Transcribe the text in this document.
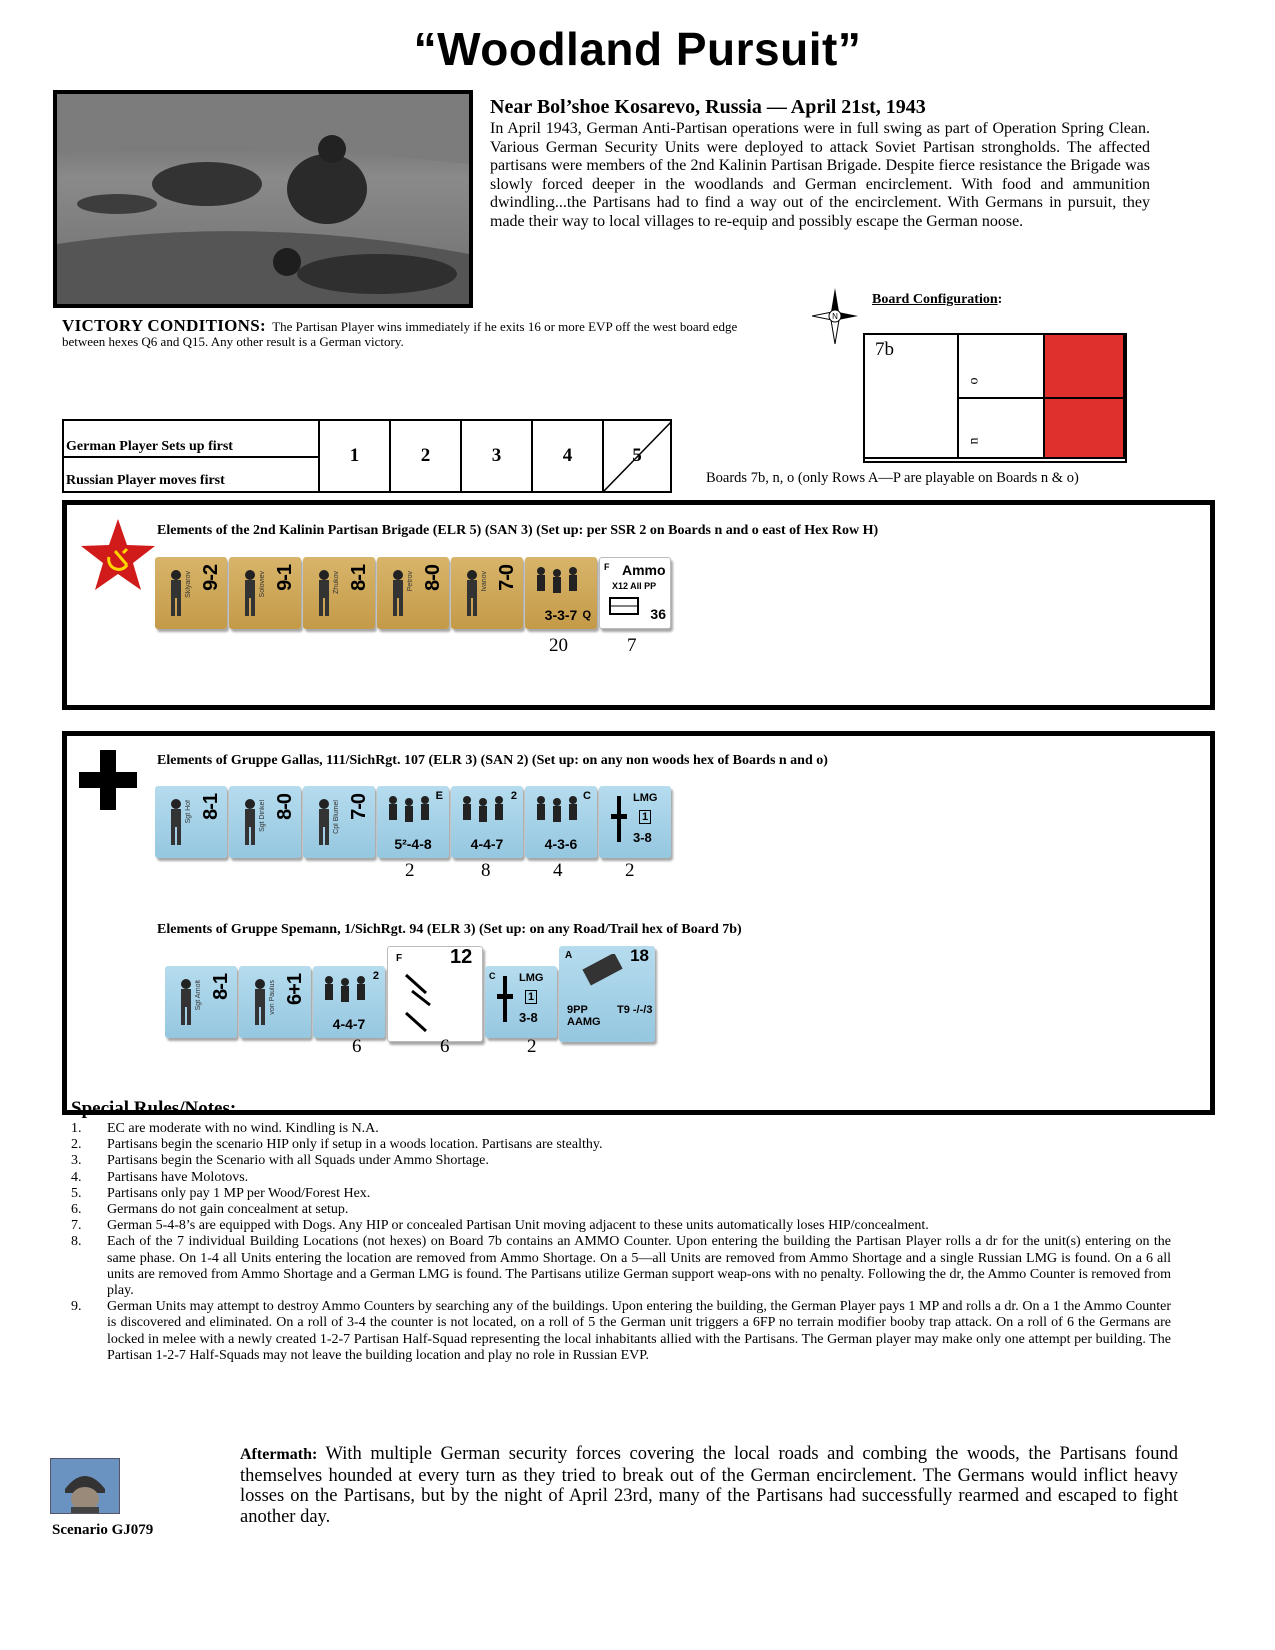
“Woodland Pursuit”
Near Bol’shoe Kosarevo, Russia — April 21st, 1943
In April 1943, German Anti-Partisan operations were in full swing as part of Operation Spring Clean. Various German Security Units were deployed to attack Soviet Partisan strongholds. The affected partisans were members of the 2nd Kalinin Partisan Brigade. Despite fierce resistance the Brigade was slowly forced deeper in the woodlands and German encirclement. With food and ammunition dwindling...the Partisans had to find a way out of the encirclement. With Germans in pursuit, they made their way to local villages to re-equip and possibly escape the German noose.
VICTORY CONDITIONS: The Partisan Player wins immediately if he exits 16 or more EVP off the west board edge between hexes Q6 and Q15. Any other result is a German victory.
N
Board Configuration:
7b
o
n
Boards 7b, n, o (only Rows A—P are playable on Boards n & o)
German Player Sets up first
Russian Player moves first
1	2	3	4	5
Elements of the 2nd Kalinin Partisan Brigade (ELR 5) (SAN 3) (Set up: per SSR 2 on Boards n and o east of Hex Row H)
Sklyarov 9-2	Soloviev 9-1	Zhukov 8-1	Petrov 8-0	Ivanov 7-0
3-3-7 Q
F Ammo
X12 All PP
36
20	7
Elements of Gruppe Gallas, 111/SichRgt. 107 (ELR 3) (SAN 2) (Set up: on any non woods hex of Boards n and o)
Sgt Hof 8-1	Sgt Dinkel 8-0	Cpl Blumel 7-0
5²-4-8
E
4-4-7
2
4-3-6
C	LMG
1
3-8
2	8	4	2
Elements of Gruppe Spemann, 1/SichRgt. 94 (ELR 3) (Set up: on any Road/Trail hex of Board 7b)
Sgt Arnolt 8-1	von Paulus 6+1
4-4-7
2
F 12
C LMG
1
3-8
A	18
9PP AAMG
T9 -/-/3
6	6	2
Special Rules/Notes:
1. EC are moderate with no wind. Kindling is N.A.
2. Partisans begin the scenario HIP only if setup in a woods location. Partisans are stealthy.
3. Partisans begin the Scenario with all Squads under Ammo Shortage.
4. Partisans have Molotovs.
5. Partisans only pay 1 MP per Wood/Forest Hex.
6. Germans do not gain concealment at setup.
7. German 5-4-8’s are equipped with Dogs. Any HIP or concealed Partisan Unit moving adjacent to these units automatically loses HIP/concealment.
8. Each of the 7 individual Building Locations (not hexes) on Board 7b contains an AMMO Counter. Upon entering the building the Partisan Player rolls a dr for the unit(s) entering on the same phase. On 1-4 all Units entering the location are removed from Ammo Shortage. On a 5—all Units are removed from Ammo Shortage and a single Russian LMG is found. On a 6 all units are removed from Ammo Shortage and a German LMG is found. The Partisans utilize German support weap-ons with no penalty. Following the dr, the Ammo Counter is removed from play.
9. German Units may attempt to destroy Ammo Counters by searching any of the buildings. Upon entering the building, the German Player pays 1 MP and rolls a dr. On a 1 the Ammo Counter is discovered and eliminated. On a roll of 3-4 the counter is not located, on a roll of 5 the German unit triggers a 6FP no terrain modifier booby trap attack. On a roll of 6 the Germans are locked in melee with a newly created 1-2-7 Partisan Half-Squad representing the local inhabitants allied with the Partisans. The German player may make only one attempt per building. The Partisan 1-2-7 Half-Squads may not leave the building location and play no role in Russian EVP.
Aftermath: With multiple German security forces covering the local roads and combing the woods, the Partisans found themselves hounded at every turn as they tried to break out of the German encirclement. The Germans would inflict heavy losses on the Partisans, but by the night of April 23rd, many of the Partisans had successfully rearmed and escaped to fight another day.
Scenario GJ079
